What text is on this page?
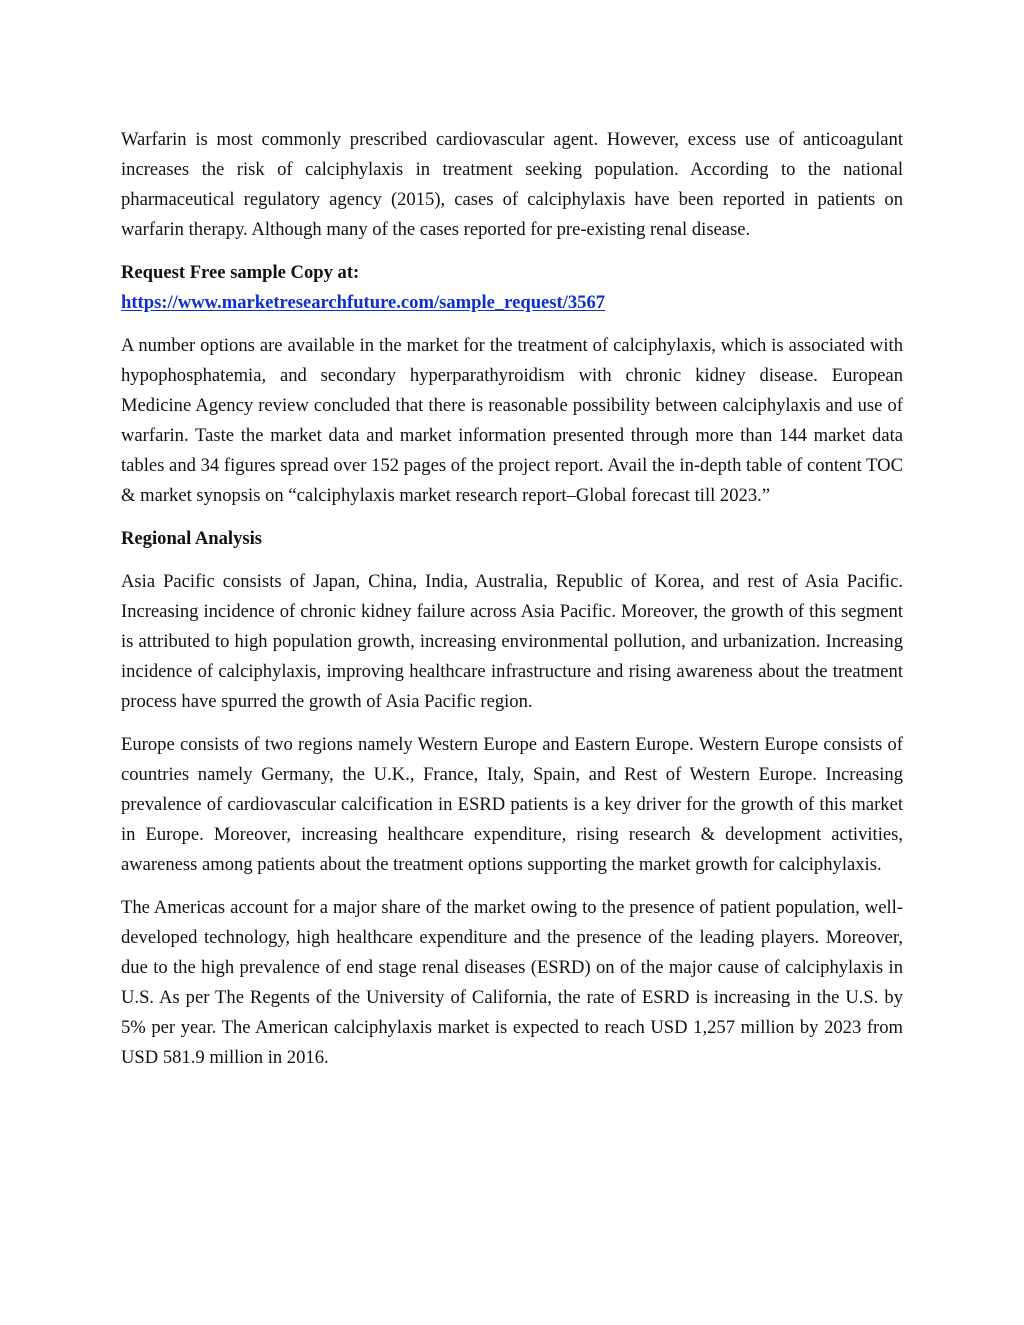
Warfarin is most commonly prescribed cardiovascular agent. However, excess use of anticoagulant increases the risk of calciphylaxis in treatment seeking population. According to the national pharmaceutical regulatory agency (2015), cases of calciphylaxis have been reported in patients on warfarin therapy. Although many of the cases reported for pre-existing renal disease.

Request Free sample Copy at:
https://www.marketresearchfuture.com/sample_request/3567

A number options are available in the market for the treatment of calciphylaxis, which is associated with hypophosphatemia, and secondary hyperparathyroidism with chronic kidney disease. European Medicine Agency review concluded that there is reasonable possibility between calciphylaxis and use of warfarin. Taste the market data and market information presented through more than 144 market data tables and 34 figures spread over 152 pages of the project report. Avail the in-depth table of content TOC & market synopsis on “calciphylaxis market research report–Global forecast till 2023.”

Regional Analysis

Asia Pacific consists of Japan, China, India, Australia, Republic of Korea, and rest of Asia Pacific. Increasing incidence of chronic kidney failure across Asia Pacific. Moreover, the growth of this segment is attributed to high population growth, increasing environmental pollution, and urbanization. Increasing incidence of calciphylaxis, improving healthcare infrastructure and rising awareness about the treatment process have spurred the growth of Asia Pacific region.

Europe consists of two regions namely Western Europe and Eastern Europe. Western Europe consists of countries namely Germany, the U.K., France, Italy, Spain, and Rest of Western Europe. Increasing prevalence of cardiovascular calcification in ESRD patients is a key driver for the growth of this market in Europe. Moreover, increasing healthcare expenditure, rising research & development activities, awareness among patients about the treatment options supporting the market growth for calciphylaxis.

The Americas account for a major share of the market owing to the presence of patient population, well-developed technology, high healthcare expenditure and the presence of the leading players. Moreover, due to the high prevalence of end stage renal diseases (ESRD) on of the major cause of calciphylaxis in U.S. As per The Regents of the University of California, the rate of ESRD is increasing in the U.S. by 5% per year. The American calciphylaxis market is expected to reach USD 1,257 million by 2023 from USD 581.9 million in 2016.
